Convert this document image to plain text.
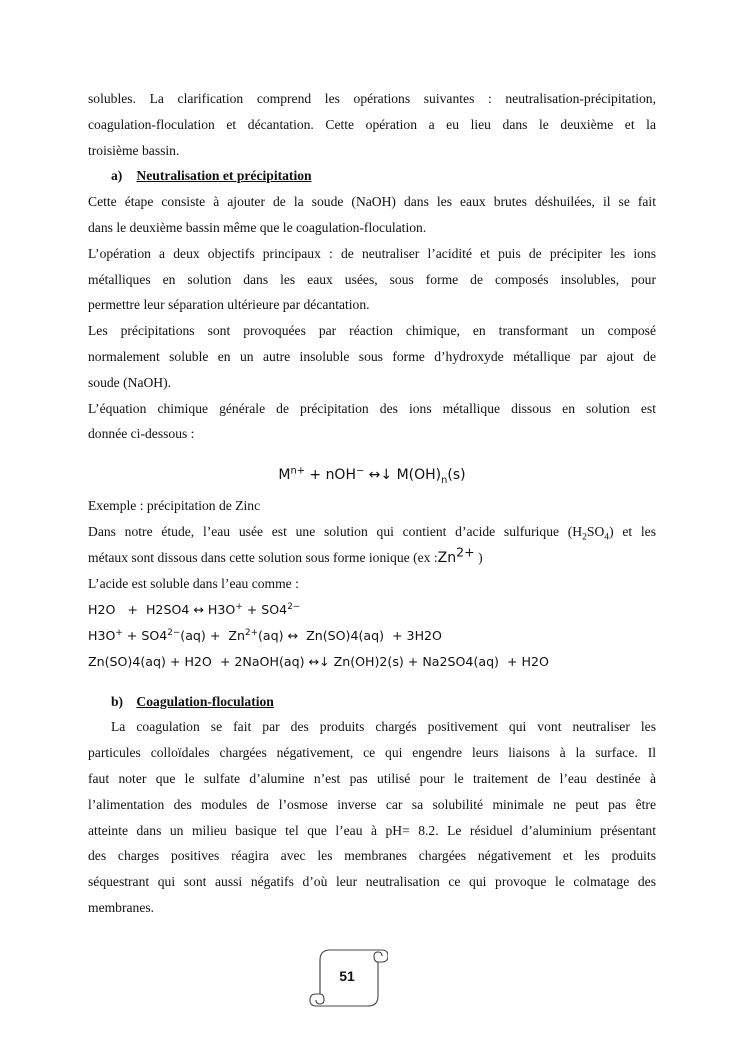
solubles. La clarification comprend les opérations suivantes : neutralisation-précipitation,

coagulation-floculation et décantation. Cette opération a eu lieu dans le deuxième et la

troisième bassin.

a) Neutralisation et précipitation

Cette étape consiste à ajouter de la soude (NaOH) dans les eaux brutes déshuilées, il se fait

dans le deuxième bassin même que le coagulation-floculation.

L’opération a deux objectifs principaux : de neutraliser l’acidité et puis de précipiter les ions

métalliques en solution dans les eaux usées, sous forme de composés insolubles, pour

permettre leur séparation ultérieure par décantation.

Les précipitations sont provoquées par réaction chimique, en transformant un composé

normalement soluble en un autre insoluble sous forme d’hydroxyde métallique par ajout de

soude (NaOH).

L’équation chimique générale de précipitation des ions métallique dissous en solution est

donnée ci-dessous :

$M^{n+} + nOH^-$ ↔↓ $M(OH)_n(s)$

Exemple : précipitation de Zinc

Dans notre étude, l’eau usée est une solution qui contient d’acide sulfurique $(H_2SO_4)$ et les

métaux sont dissous dans cette solution sous forme ionique (ex $:Zn^{2+}$ )

L’acide est soluble dans l’eau comme :

H2O   +  H2SO4 ↔ $H3O^+ + SO4^{2-}$

$H3O^+ + SO4^{2-}(aq) + Zn^{2+}(aq)$ ↔  Zn(SO)4(aq)  + 3H2O

Zn(SO)4(aq) + H2O  + 2NaOH(aq) ↔↓ Zn(OH)2(s) + Na2SO4(aq)  + H2O

b) Coagulation-floculation

La coagulation se fait par des produits chargés positivement qui vont neutraliser les

particules colloïdales chargées négativement, ce qui engendre leurs liaisons à la surface. Il

faut noter que le sulfate d’alumine n’est pas utilisé pour le traitement de l’eau destinée à

l’alimentation des modules de l’osmose inverse car sa solubilité minimale ne peut pas être

atteinte dans un milieu basique tel que l’eau à pH= 8.2. Le résiduel d’aluminium présentant

des charges positives réagira avec les membranes chargées négativement et les produits

séquestrant qui sont aussi négatifs d’où leur neutralisation ce qui provoque le colmatage des

membranes.

51
